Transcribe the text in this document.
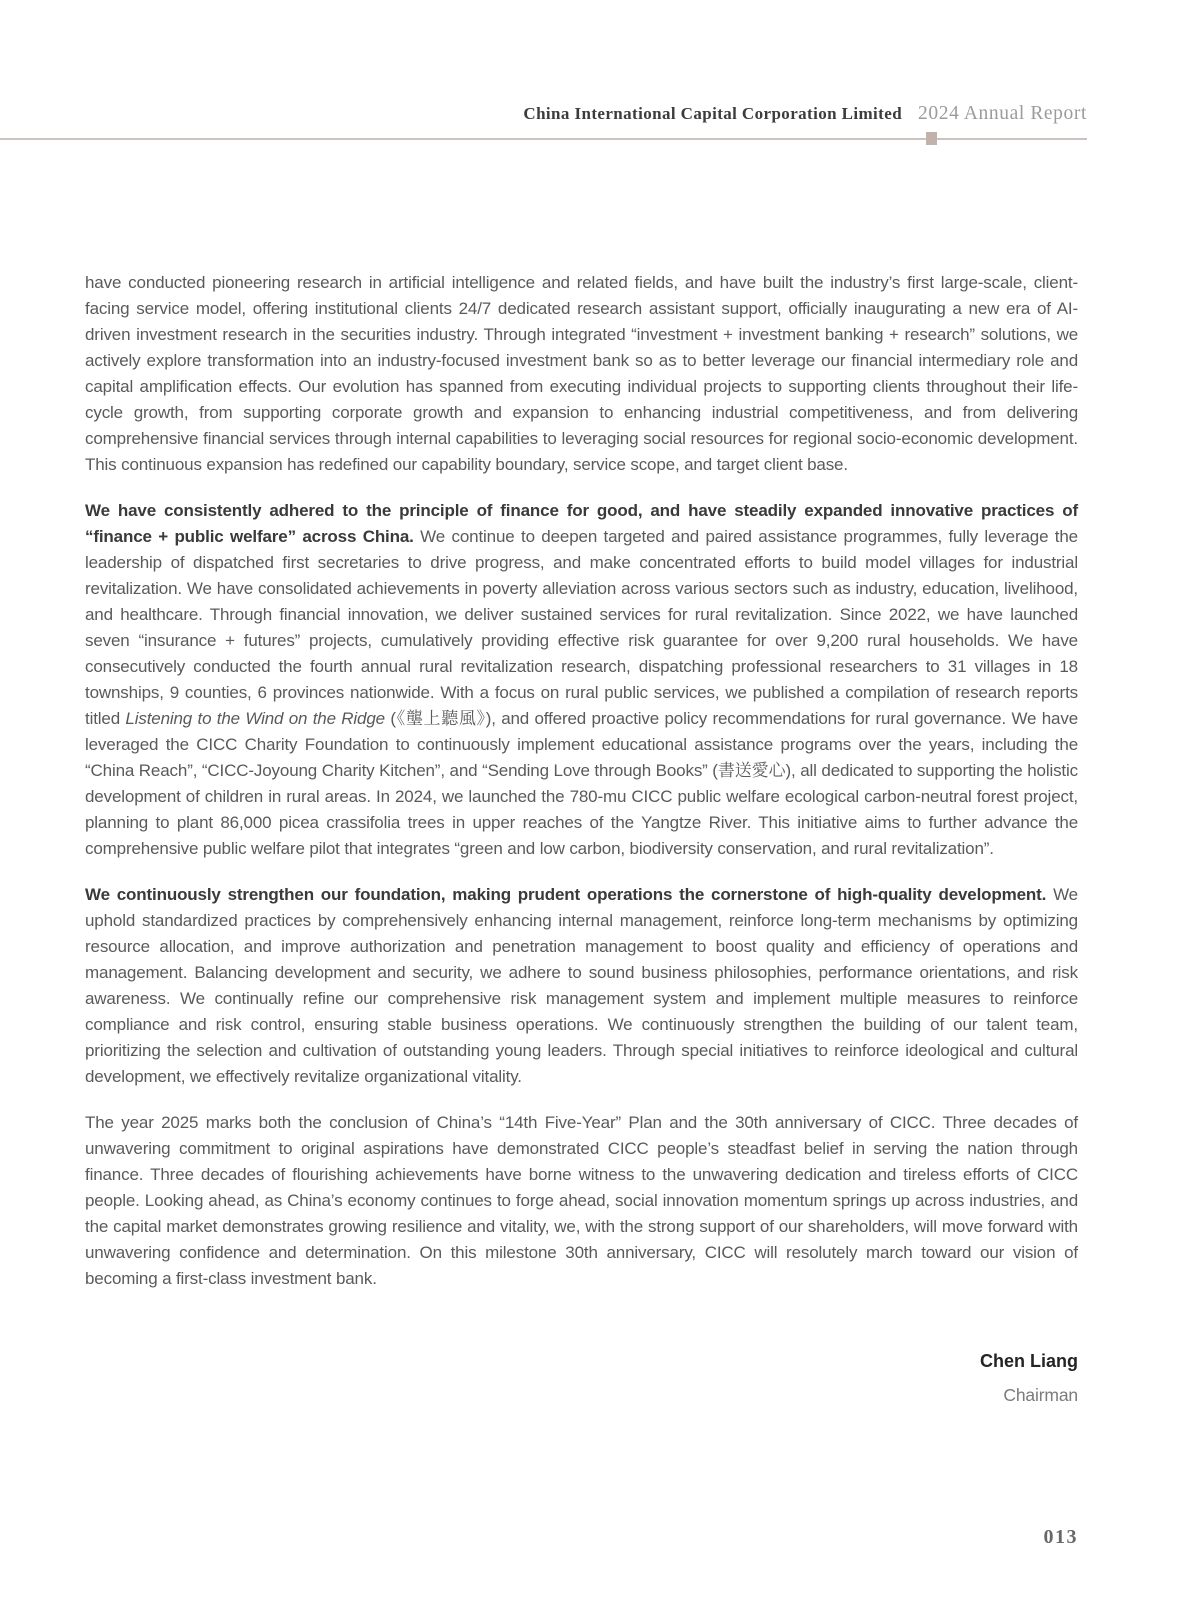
China International Capital Corporation Limited 2024 Annual Report

have conducted pioneering research in artificial intelligence and related fields, and have built the industry’s first large-scale, client-facing service model, offering institutional clients 24/7 dedicated research assistant support, officially inaugurating a new era of AI-driven investment research in the securities industry. Through integrated “investment + investment banking + research” solutions, we actively explore transformation into an industry-focused investment bank so as to better leverage our financial intermediary role and capital amplification effects. Our evolution has spanned from executing individual projects to supporting clients throughout their life-cycle growth, from supporting corporate growth and expansion to enhancing industrial competitiveness, and from delivering comprehensive financial services through internal capabilities to leveraging social resources for regional socio-economic development. This continuous expansion has redefined our capability boundary, service scope, and target client base.

We have consistently adhered to the principle of finance for good, and have steadily expanded innovative practices of “finance + public welfare” across China. We continue to deepen targeted and paired assistance programmes, fully leverage the leadership of dispatched first secretaries to drive progress, and make concentrated efforts to build model villages for industrial revitalization. We have consolidated achievements in poverty alleviation across various sectors such as industry, education, livelihood, and healthcare. Through financial innovation, we deliver sustained services for rural revitalization. Since 2022, we have launched seven “insurance + futures” projects, cumulatively providing effective risk guarantee for over 9,200 rural households. We have consecutively conducted the fourth annual rural revitalization research, dispatching professional researchers to 31 villages in 18 townships, 9 counties, 6 provinces nationwide. With a focus on rural public services, we published a compilation of research reports titled Listening to the Wind on the Ridge (《壟上聽風》), and offered proactive policy recommendations for rural governance. We have leveraged the CICC Charity Foundation to continuously implement educational assistance programs over the years, including the “China Reach”, “CICC-Joyoung Charity Kitchen”, and “Sending Love through Books” (書送愛心), all dedicated to supporting the holistic development of children in rural areas. In 2024, we launched the 780-mu CICC public welfare ecological carbon-neutral forest project, planning to plant 86,000 picea crassifolia trees in upper reaches of the Yangtze River. This initiative aims to further advance the comprehensive public welfare pilot that integrates “green and low carbon, biodiversity conservation, and rural revitalization”.

We continuously strengthen our foundation, making prudent operations the cornerstone of high-quality development. We uphold standardized practices by comprehensively enhancing internal management, reinforce long-term mechanisms by optimizing resource allocation, and improve authorization and penetration management to boost quality and efficiency of operations and management. Balancing development and security, we adhere to sound business philosophies, performance orientations, and risk awareness. We continually refine our comprehensive risk management system and implement multiple measures to reinforce compliance and risk control, ensuring stable business operations. We continuously strengthen the building of our talent team, prioritizing the selection and cultivation of outstanding young leaders. Through special initiatives to reinforce ideological and cultural development, we effectively revitalize organizational vitality.

The year 2025 marks both the conclusion of China’s “14th Five-Year” Plan and the 30th anniversary of CICC. Three decades of unwavering commitment to original aspirations have demonstrated CICC people’s steadfast belief in serving the nation through finance. Three decades of flourishing achievements have borne witness to the unwavering dedication and tireless efforts of CICC people. Looking ahead, as China’s economy continues to forge ahead, social innovation momentum springs up across industries, and the capital market demonstrates growing resilience and vitality, we, with the strong support of our shareholders, will move forward with unwavering confidence and determination. On this milestone 30th anniversary, CICC will resolutely march toward our vision of becoming a first-class investment bank.

Chen Liang
Chairman
013
